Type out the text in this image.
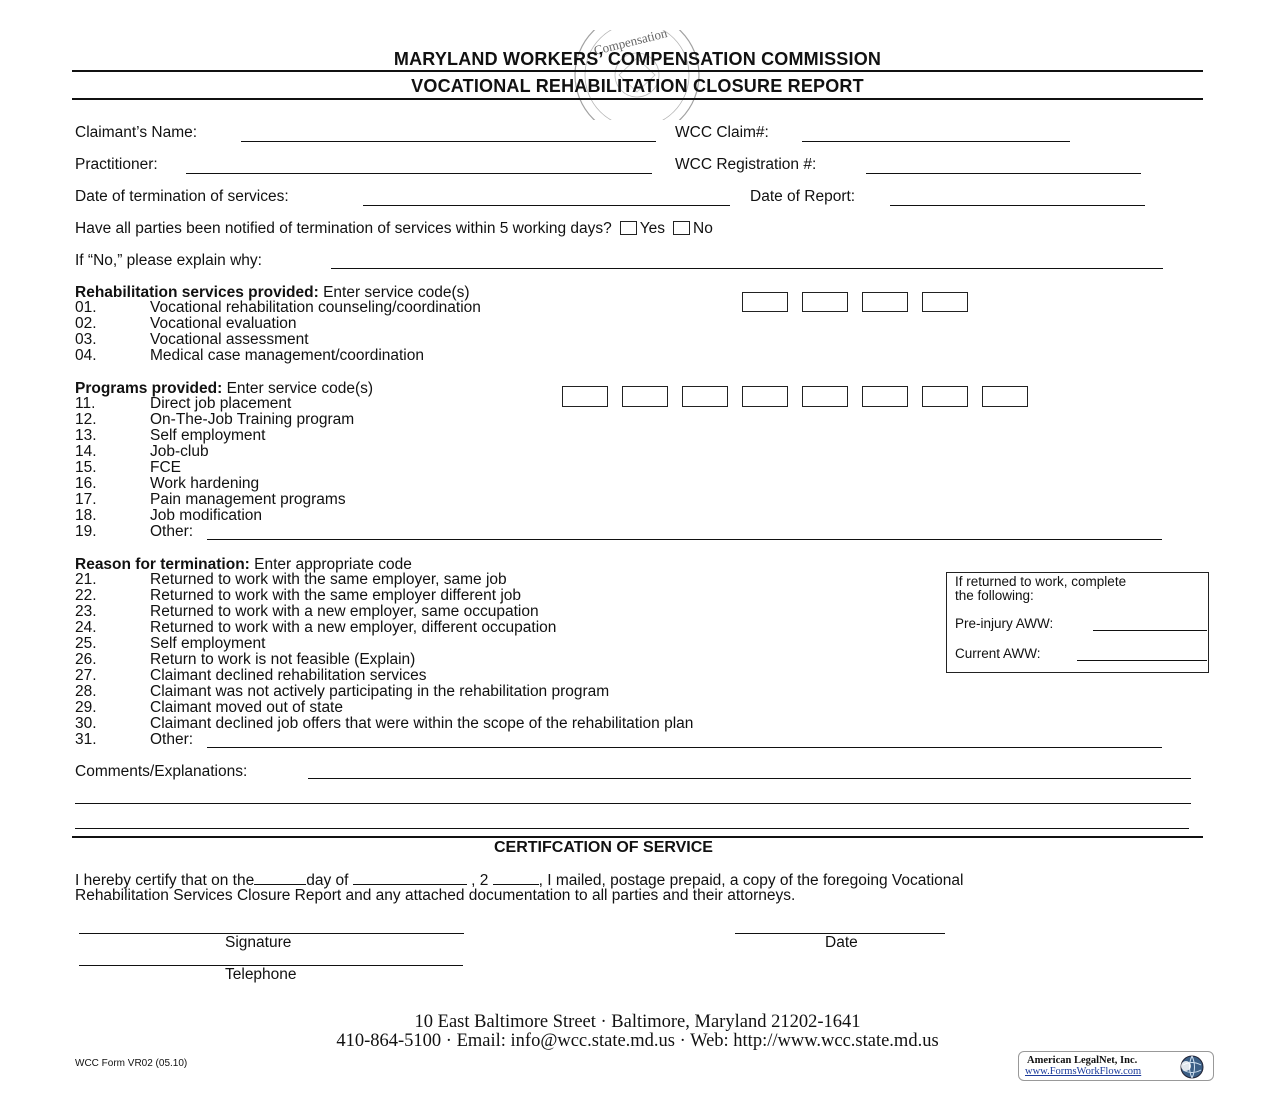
Compensation
MARYLAND WORKERS’ COMPENSATION COMMISSION
VOCATIONAL REHABILITATION CLOSURE REPORT
Claimant’s Name:	WCC Claim#:
Practitioner:	WCC Registration #:
Date of termination of services:	Date of Report:
Have all parties been notified of termination of services within 5 working days? Yes No
If “No,” please explain why:
Rehabilitation services provided: Enter service code(s)
01.	Vocational rehabilitation counseling/coordination
02.	Vocational evaluation
03.	Vocational assessment
04.	Medical case management/coordination
Programs provided: Enter service code(s)
11.	Direct job placement
12.	On-The-Job Training program
13.	Self employment
14.	Job-club
15.	FCE
16.	Work hardening
17.	Pain management programs
18.	Job modification
19.	Other:
Reason for termination: Enter appropriate code
21.	Returned to work with the same employer, same job
22.	Returned to work with the same employer different job
23.	Returned to work with a new employer, same occupation
24.	Returned to work with a new employer, different occupation
25.	Self employment
26.	Return to work is not feasible (Explain)
27.	Claimant declined rehabilitation services
28.	Claimant was not actively participating in the rehabilitation program
29.	Claimant moved out of state
30.	Claimant declined job offers that were within the scope of the rehabilitation plan
31.	Other:
If returned to work, complete
the following:
Pre-injury AWW:
Current AWW:
Comments/Explanations:
CERTIFCATION OF SERVICE
I hereby certify that on the	day of	, 2	, I mailed, postage prepaid, a copy of the foregoing Vocational
Rehabilitation Services Closure Report and any attached documentation to all parties and their attorneys.
Signature	Date
Telephone
10 East Baltimore Street · Baltimore, Maryland 21202-1641
410-864-5100 · Email: info@wcc.state.md.us · Web: http://www.wcc.state.md.us
WCC Form VR02 (05.10)	American LegalNet, Inc.
www.FormsWorkFlow.com
